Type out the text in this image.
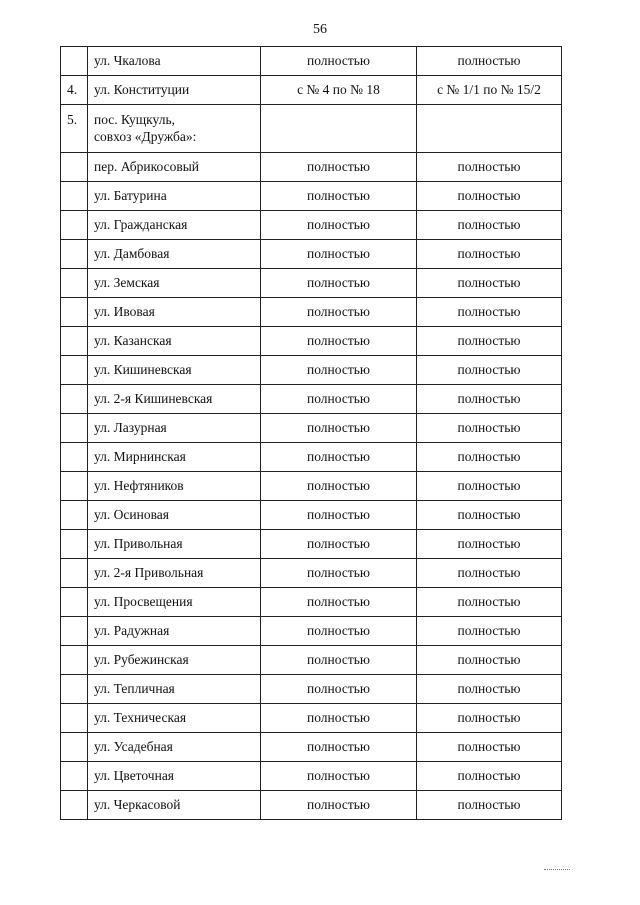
56
	ул. Чкалова	полностью	полностью
4.	ул. Конституции	с № 4 по № 18	с № 1/1 по № 15/2
5.	пос. Кущкуль,
совхоз «Дружба»:		

	пер. Абрикосовый	полностью	полностью
	ул. Батурина	полностью	полностью
	ул. Гражданская	полностью	полностью
	ул. Дамбовая	полностью	полностью
	ул. Земская	полностью	полностью
	ул. Ивовая	полностью	полностью
	ул. Казанская	полностью	полностью
	ул. Кишиневская	полностью	полностью
	ул. 2-я Кишиневская	полностью	полностью
	ул. Лазурная	полностью	полностью
	ул. Мирнинская	полностью	полностью
	ул. Нефтяников	полностью	полностью
	ул. Осиновая	полностью	полностью
	ул. Привольная	полностью	полностью
	ул. 2-я Привольная	полностью	полностью
	ул. Просвещения	полностью	полностью
	ул. Радужная	полностью	полностью
	ул. Рубежинская	полностью	полностью
	ул. Тепличная	полностью	полностью
	ул. Техническая	полностью	полностью
	ул. Усадебная	полностью	полностью
	ул. Цветочная	полностью	полностью
	ул. Черкасовой	полностью	полностью
